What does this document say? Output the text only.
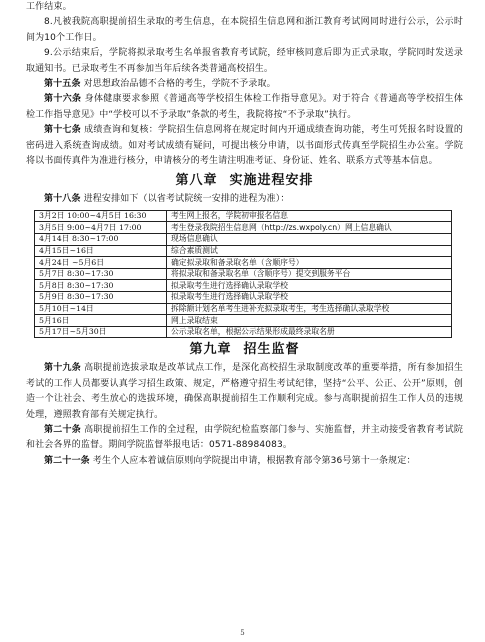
工作结束。

8.凡被我院高职提前招生录取的考生信息，在本院招生信息网和浙江教育考试网同时进行公示，公示时间为10个工作日。

9.公示结束后，学院将拟录取考生名单报省教育考试院，经审核同意后即为正式录取，学院同时发送录取通知书。已录取考生不再参加当年后续各类普通高校招生。

第十五条 对思想政治品德不合格的考生，学院不予录取。

第十六条 身体健康要求参照《普通高等学校招生体检工作指导意见》。对于符合《普通高等学校招生体检工作指导意见》中“学校可以不予录取”条款的考生，我院将按“不予录取”执行。

第十七条 成绩查询和复核：学院招生信息网将在规定时间内开通成绩查询功能，考生可凭报名时设置的密码进入系统查询成绩。如对考试成绩有疑问，可提出核分申请，以书面形式传真至学院招生办公室。学院将以书面传真件为准进行核分，申请核分的考生请注明准考证、身份证、姓名、联系方式等基本信息。

第八章 实施进程安排

第十八条 进程安排如下（以省考试院统一安排的进程为准）：

3月2日 10:00~4月5日 16:30	考生网上报名，学院初审报名信息
3月5日 9:00~4月7日 17:00	考生登录我院招生信息网（http://zs.wxpoly.cn）网上信息确认
4月14日 8:30~17:00	现场信息确认
4月15日~16日	综合素质测试
4月24日 ~5月6日	确定拟录取和备录取名单（含顺序号）
5月7日 8:30~17:30	将拟录取和备录取名单（含顺序号）提交到服务平台
5月8日 8:30~17:30	拟录取考生进行选择确认录取学校
5月9日 8:30~17:30	拟录取考生进行选择确认录取学校
5月10日~14日	拆除额计划名单考生进补充拟录取考生，考生选择确认录取学校
5月16日	网上录取结束
5月17日~5月30日	公示录取名单，根据公示结果形成最终录取名册
第九章 招生监督

第十九条 高职提前选拔录取是改革试点工作，是深化高校招生录取制度改革的重要举措，所有参加招生考试的工作人员都要认真学习招生政策、规定，严格遵守招生考试纪律，坚持“公平、公正、公开”原则，创造一个让社会、考生放心的选拔环境，确保高职提前招生工作顺利完成。参与高职提前招生工作人员的违规处理，遵照教育部有关规定执行。

第二十条 高职提前招生工作的全过程，由学院纪检监察部门参与、实施监督，并主动接受省教育考试院和社会各界的监督。期间学院监督举报电话：0571-88984083。

第二十一条 考生个人应本着诚信原则向学院提出申请，根据教育部令第36号第十一条规定：

5
